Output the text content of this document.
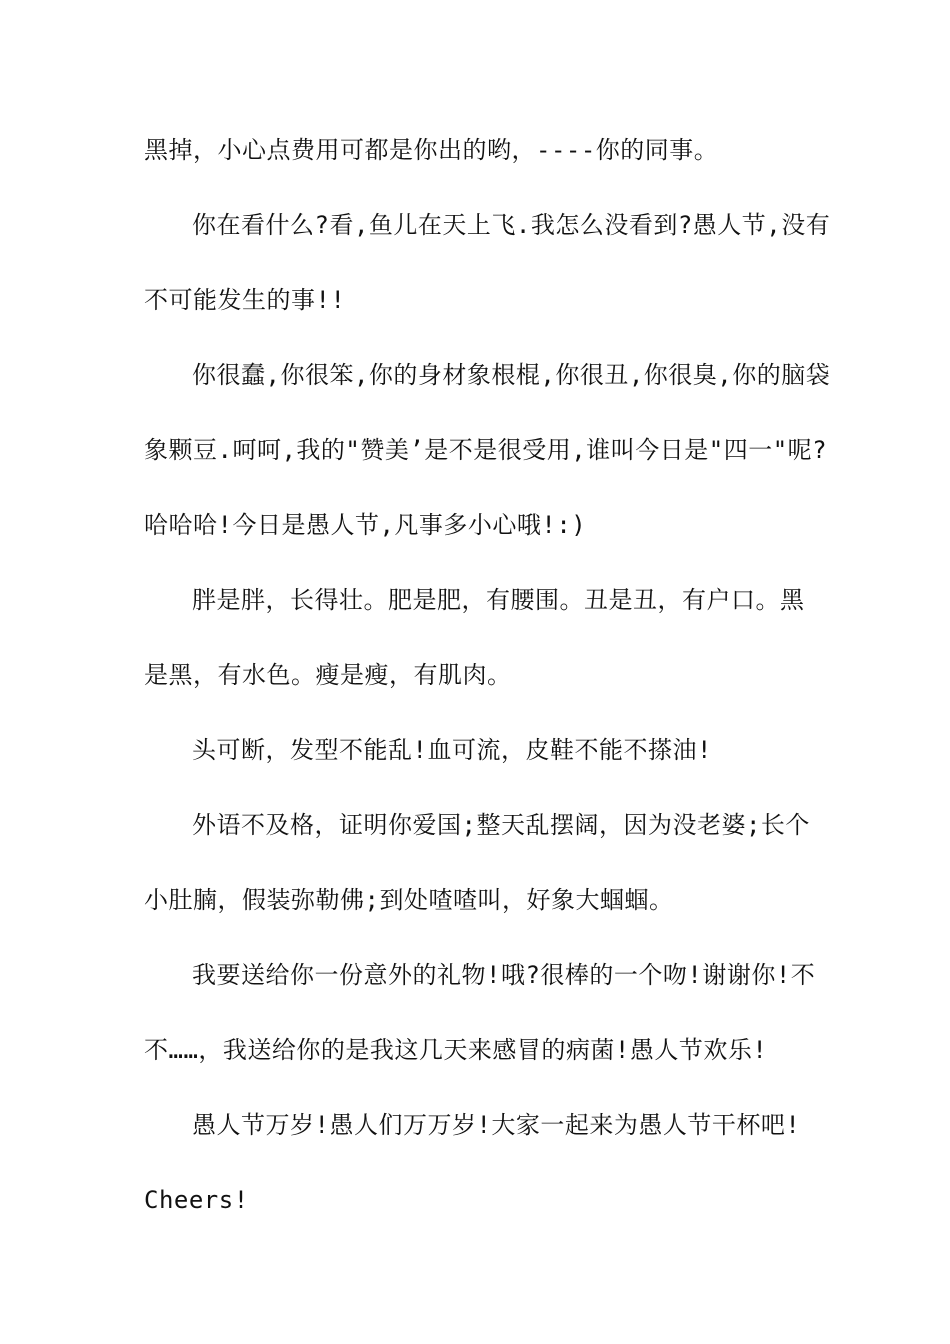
黑掉，小心点费用可都是你出的哟，----你的同事。
你在看什么?看,鱼儿在天上飞.我怎么没看到?愚人节,没有
不可能发生的事!!
你很蠢,你很笨,你的身材象根棍,你很丑,你很臭,你的脑袋
象颗豆.呵呵,我的"赞美’是不是很受用,谁叫今日是"四一"呢?
哈哈哈!今日是愚人节,凡事多小心哦!:)
胖是胖，长得壮。肥是肥，有腰围。丑是丑，有户口。黑
是黑，有水色。瘦是瘦，有肌肉。
头可断，发型不能乱!血可流，皮鞋不能不搽油!
外语不及格，证明你爱国;整天乱摆阔，因为没老婆;长个
小肚腩，假装弥勒佛;到处喳喳叫，好象大蝈蝈。
我要送给你一份意外的礼物!哦?很棒的一个吻!谢谢你!不
不……，我送给你的是我这几天来感冒的病菌!愚人节欢乐!
愚人节万岁!愚人们万万岁!大家一起来为愚人节干杯吧!
Cheers!
